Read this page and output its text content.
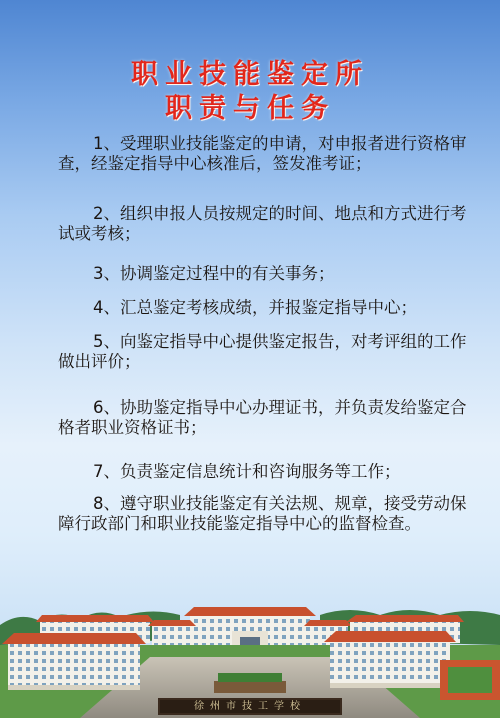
职业技能鉴定所
职责与任务

1、受理职业技能鉴定的申请，对申报者进行资格审查，经鉴定指导中心核准后，签发准考证；

2、组织申报人员按规定的时间、地点和方式进行考试或考核；

3、协调鉴定过程中的有关事务；

4、汇总鉴定考核成绩，并报鉴定指导中心；

5、向鉴定指导中心提供鉴定报告，对考评组的工作做出评价；

6、协助鉴定指导中心办理证书，并负责发给鉴定合格者职业资格证书；

7、负责鉴定信息统计和咨询服务等工作；

8、遵守职业技能鉴定有关法规、规章，接受劳动保障行政部门和职业技能鉴定指导中心的监督检查。

徐州市技工学校
